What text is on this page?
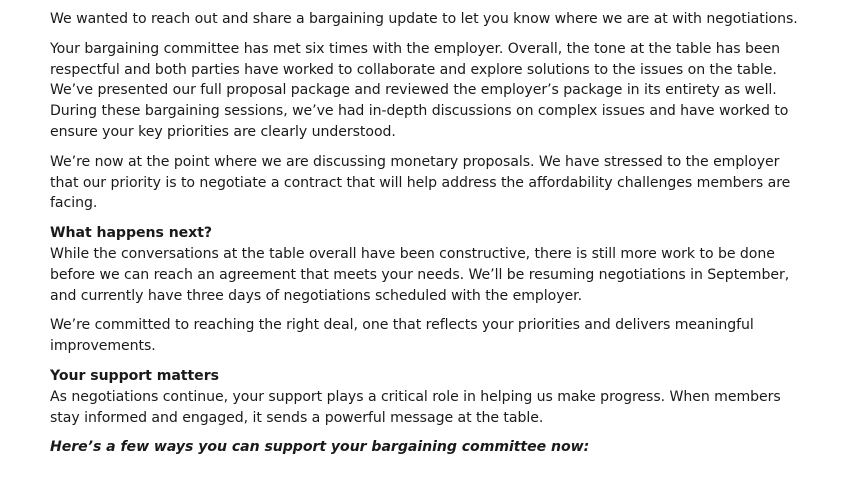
We wanted to reach out and share a bargaining update to let you know where we are at with negotiations.

Your bargaining committee has met six times with the employer. Overall, the tone at the table has been
respectful and both parties have worked to collaborate and explore solutions to the issues on the table.
We’ve presented our full proposal package and reviewed the employer’s package in its entirety as well.
During these bargaining sessions, we’ve had in-depth discussions on complex issues and have worked to
ensure your key priorities are clearly understood.

We’re now at the point where we are discussing monetary proposals. We have stressed to the employer
that our priority is to negotiate a contract that will help address the affordability challenges members are
facing.

What happens next?

While the conversations at the table overall have been constructive, there is still more work to be done
before we can reach an agreement that meets your needs. We’ll be resuming negotiations in September,
and currently have three days of negotiations scheduled with the employer.

We’re committed to reaching the right deal, one that reflects your priorities and delivers meaningful
improvements.

Your support matters

As negotiations continue, your support plays a critical role in helping us make progress. When members
stay informed and engaged, it sends a powerful message at the table.

Here’s a few ways you can support your bargaining committee now:
